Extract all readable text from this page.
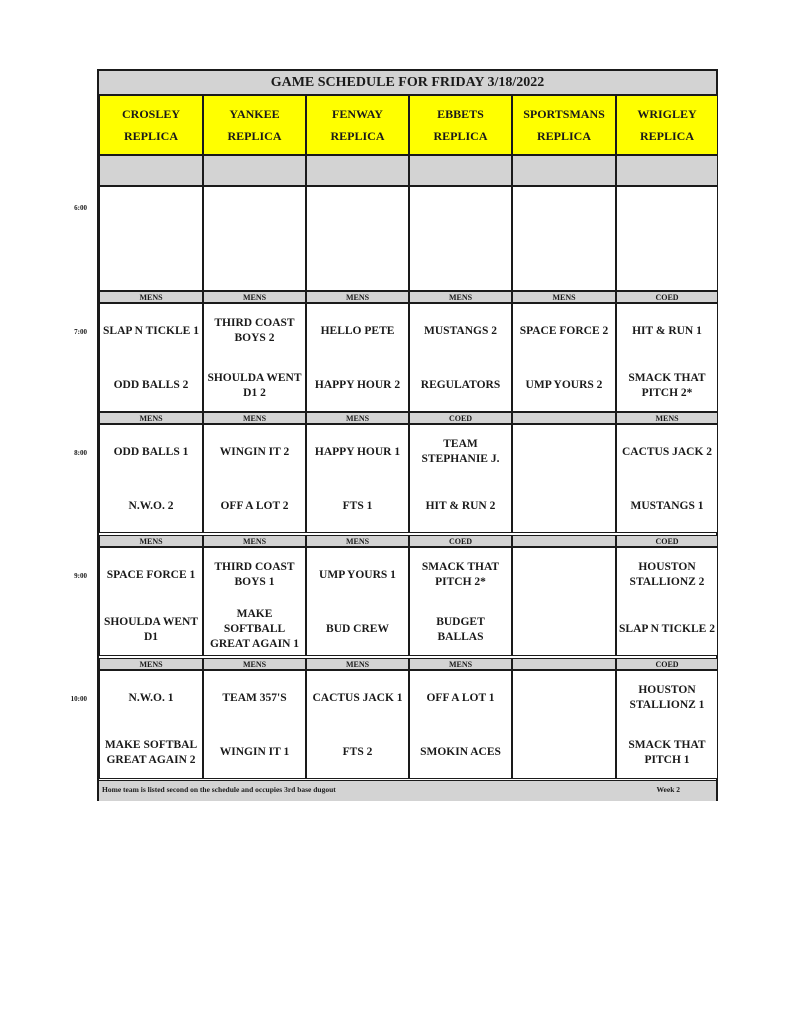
GAME SCHEDULE FOR FRIDAY 3/18/2022
CROSLEY
REPLICA
YANKEE
REPLICA
FENWAY
REPLICA
EBBETS
REPLICA
SPORTSMANS
REPLICA
WRIGLEY
REPLICA
MENS
SLAP N TICKLE 1
ODD BALLS 2
MENS
THIRD COAST BOYS 2
SHOULDA WENT D1 2
MENS
HELLO PETE
HAPPY HOUR 2
MENS
MUSTANGS 2
REGULATORS
MENS
SPACE FORCE 2
UMP YOURS 2
COED
HIT & RUN 1
SMACK THAT PITCH 2*
MENS
ODD BALLS 1
N.W.O. 2
MENS
WINGIN IT 2
OFF A LOT 2
MENS
HAPPY HOUR 1
FTS 1
COED
TEAM STEPHANIE J.
HIT & RUN 2
MENS
CACTUS JACK 2
MUSTANGS 1
MENS
SPACE FORCE 1
SHOULDA WENT D1
MENS
THIRD COAST BOYS 1
MAKE SOFTBALL GREAT AGAIN 1
MENS
UMP YOURS 1
BUD CREW
COED
SMACK THAT PITCH 2*
BUDGET BALLAS
COED
HOUSTON STALLIONZ 2
SLAP N TICKLE 2
MENS
N.W.O. 1
MAKE SOFTBAL GREAT AGAIN 2
MENS
TEAM 357'S
WINGIN IT 1
MENS
CACTUS JACK 1
FTS 2
MENS
OFF A LOT 1
SMOKIN ACES
COED
HOUSTON STALLIONZ 1
SMACK THAT PITCH 1
Home team is listed second on the schedule and occupies 3rd base dugout	Week 2
6:00
7:00
8:00
9:00
10:00
